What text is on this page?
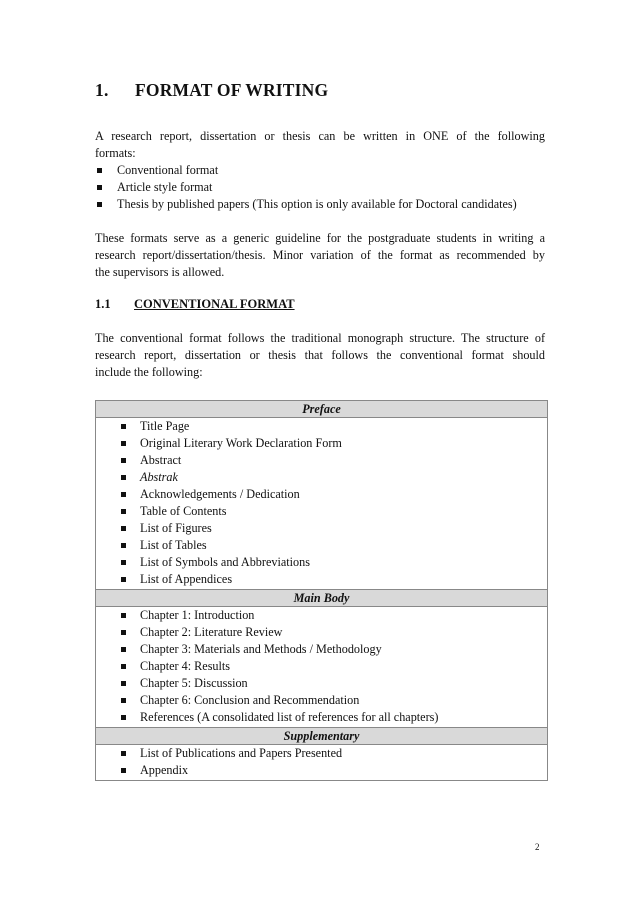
1. FORMAT OF WRITING
A research report, dissertation or thesis can be written in ONE of the following
formats:
Conventional format
Article style format
Thesis by published papers (This option is only available for Doctoral candidates)
These formats serve as a generic guideline for the postgraduate students in writing a
research report/dissertation/thesis. Minor variation of the format as recommended by
the supervisors is allowed.
1.1 CONVENTIONAL FORMAT
The conventional format follows the traditional monograph structure. The structure of
research report, dissertation or thesis that follows the conventional format should
include the following:
Preface

Title Page
Original Literary Work Declaration Form
Abstract
Abstrak
Acknowledgements / Dedication
Table of Contents
List of Figures
List of Tables
List of Symbols and Abbreviations
List of Appendices

Main Body

Chapter 1: Introduction
Chapter 2: Literature Review
Chapter 3: Materials and Methods / Methodology
Chapter 4: Results
Chapter 5: Discussion
Chapter 6: Conclusion and Recommendation
References (A consolidated list of references for all chapters)

Supplementary

List of Publications and Papers Presented
Appendix
2
